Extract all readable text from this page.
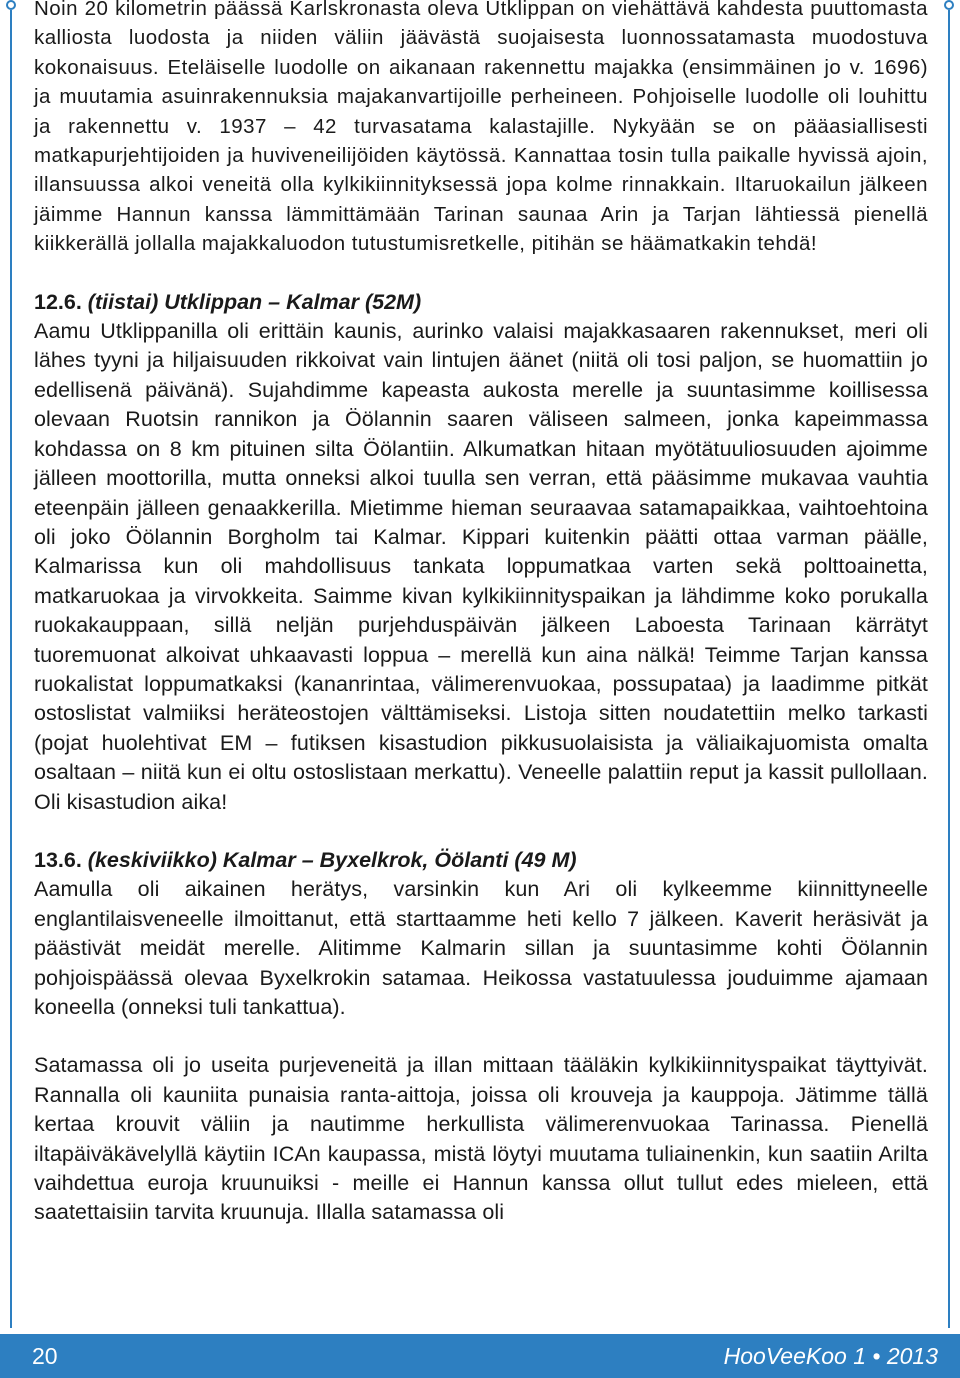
Noin 20 kilometrin päässä Karlskronasta oleva Utklippan on viehättävä kahdesta puuttomasta kalliosta luodosta ja niiden väliin jäävästä suojaisesta luonnossatamasta muodostuva kokonaisuus. Eteläiselle luodolle on aikanaan rakennettu majakka (ensimmäinen jo v. 1696) ja muutamia asuinrakennuksia majakanvartijoille perheineen. Pohjoiselle luodolle oli louhittu ja rakennettu v. 1937 – 42 turvasatama kalastajille. Nykyään se on pääasiallisesti matkapurjehtijoiden ja huviveneilijöiden käytössä. Kannattaa tosin tulla paikalle hyvissä ajoin, illansuussa alkoi veneitä olla kylkikiinnityksessä jopa kolme rinnakkain. Iltaruokailun jälkeen jäimme Hannun kanssa lämmittämään Tarinan saunaa Arin ja Tarjan lähtiessä pienellä kiikkerällä jollalla majakkaluodon tutustumisretkelle, pitihän se häämatkakin tehdä!

12.6. (tiistai) Utklippan – Kalmar (52M)

Aamu Utklippanilla oli erittäin kaunis, aurinko valaisi majakkasaaren rakennukset, meri oli lähes tyyni ja hiljaisuuden rikkoivat vain lintujen äänet (niitä oli tosi paljon, se huomattiin jo edellisenä päivänä). Sujahdimme kapeasta aukosta merelle ja suuntasimme koillisessa olevaan Ruotsin rannikon ja Öölannin saaren väliseen salmeen, jonka kapeimmassa kohdassa on 8 km pituinen silta Öölantiin. Alkumatkan hitaan myötätuuliosuuden ajoimme jälleen moottorilla, mutta onneksi alkoi tuulla sen verran, että pääsimme mukavaa vauhtia eteenpäin jälleen genaakkerilla. Mietimme hieman seuraavaa satamapaikkaa, vaihtoehtoina oli joko Öölannin Borgholm tai Kalmar. Kippari kuitenkin päätti ottaa varman päälle, Kalmarissa kun oli mahdollisuus tankata loppumatkaa varten sekä polttoainetta, matkaruokaa ja virvokkeita. Saimme kivan kylkikiinnityspaikan ja lähdimme koko porukalla ruokakauppaan, sillä neljän purjehduspäivän jälkeen Laboesta Tarinaan kärrätyt tuoremuonat alkoivat uhkaavasti loppua – merellä kun aina nälkä! Teimme Tarjan kanssa ruokalistat loppumatkaksi (kananrintaa, välimerenvuokaa, possupataa) ja laadimme pitkät ostoslistat valmiiksi heräteostojen välttämiseksi. Listoja sitten noudatettiin melko tarkasti (pojat huolehtivat EM – futiksen kisastudion pikkusuolaisista ja väliaikajuomista omalta osaltaan – niitä kun ei oltu ostoslistaan merkattu). Veneelle palattiin reput ja kassit pullollaan. Oli kisastudion aika!

13.6. (keskiviikko) Kalmar – Byxelkrok, Öölanti (49 M)

Aamulla oli aikainen herätys, varsinkin kun Ari oli kylkeemme kiinnittyneelle englantilaisveneelle ilmoittanut, että starttaamme heti kello 7 jälkeen. Kaverit heräsivät ja päästivät meidät merelle. Alitimme Kalmarin sillan ja suuntasimme kohti Öölannin pohjoispäässä olevaa Byxelkrokin satamaa. Heikossa vastatuulessa jouduimme ajamaan koneella (onneksi tuli tankattua).

Satamassa oli jo useita purjeveneitä ja illan mittaan tääläkin kylkikiinnityspaikat täyttyivät. Rannalla oli kauniita punaisia ranta-aittoja, joissa oli krouveja ja kauppoja. Jätimme tällä kertaa krouvit väliin ja nautimme herkullista välimerenvuokaa Tarinassa. Pienellä iltapäiväkävelyllä käytiin ICAn kaupassa, mistä löytyi muutama tuliainenkin, kun saatiin Arilta vaihdettua euroja kruunuiksi - meille ei Hannun kanssa ollut tullut edes mieleen, että saatettaisiin tarvita kruunuja. Illalla satamassa oli

20	HooVeeKoo 1 • 2013
